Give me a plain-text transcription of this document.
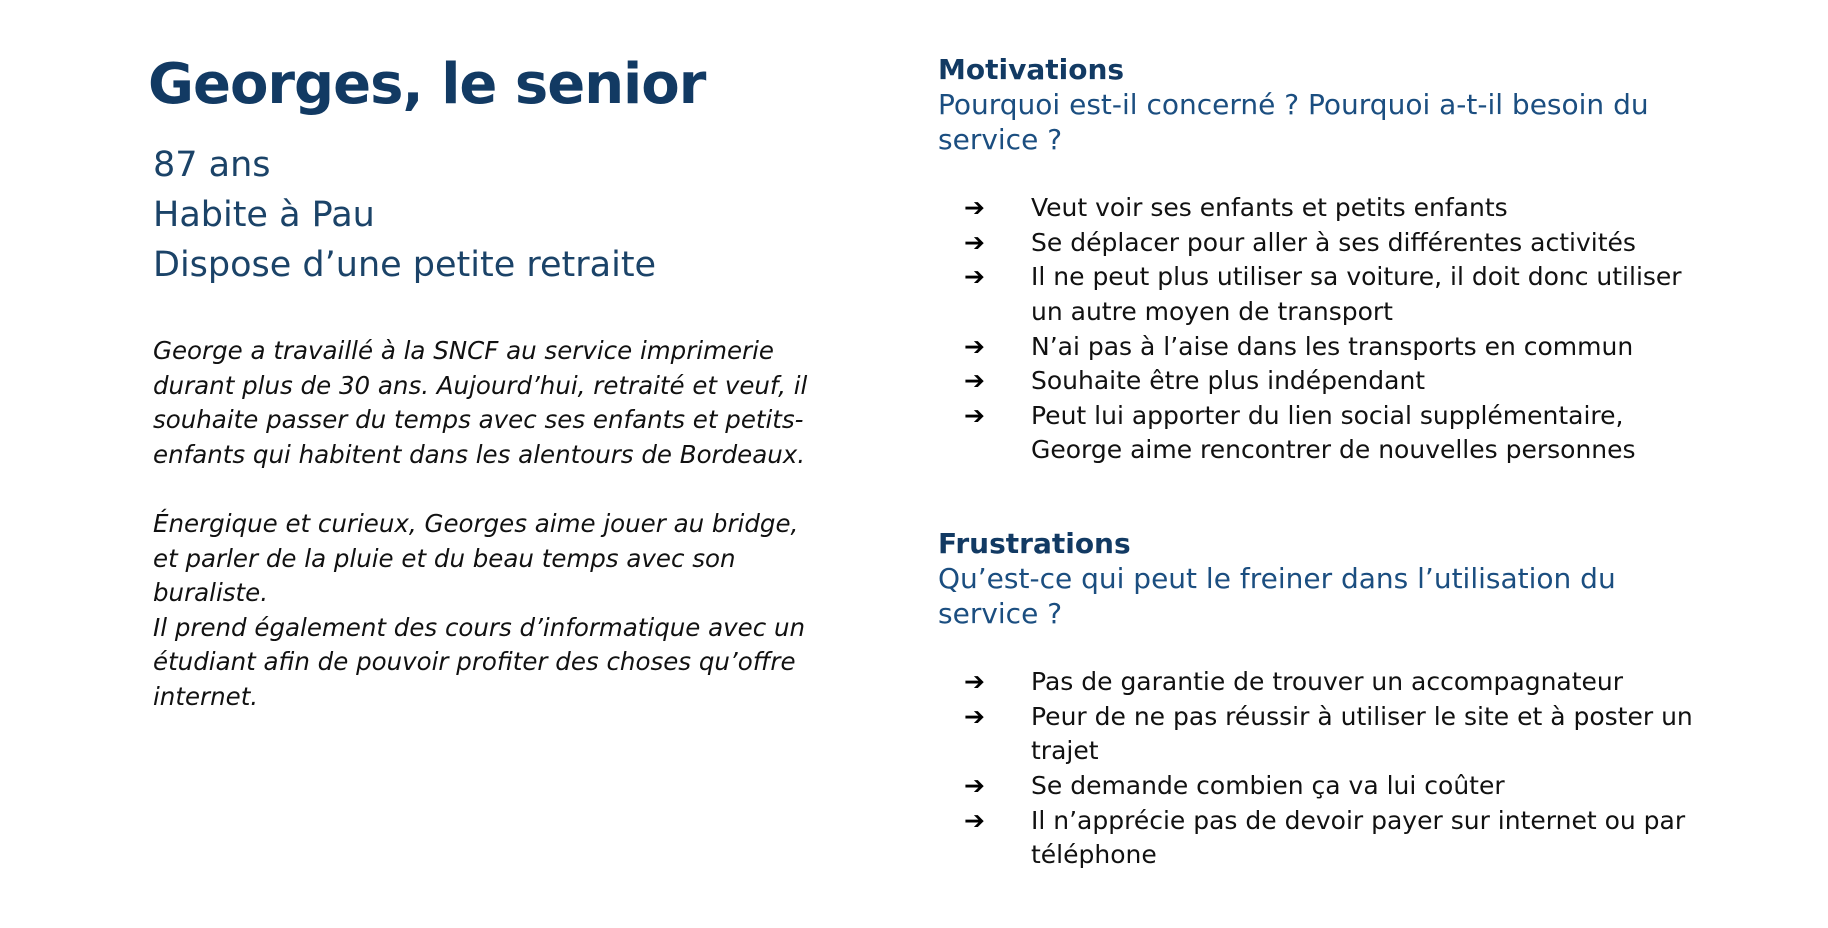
Georges, le senior

87 ans

Habite à Pau

Dispose d’une petite retraite

George a travaillé à la SNCF au service imprimerie durant plus de 30 ans. Aujourd’hui, retraité et veuf, il souhaite passer du temps avec ses enfants et petits-enfants qui habitent dans les alentours de Bordeaux.

Énergique et curieux, Georges aime jouer au bridge, et parler de la pluie et du beau temps avec son buraliste.

Il prend également des cours d’informatique avec un étudiant afin de pouvoir profiter des choses qu’offre internet.

Motivations

Pourquoi est-il concerné ? Pourquoi a-t-il besoin du service ?

➔ Veut voir ses enfants et petits enfants
➔ Se déplacer pour aller à ses différentes activités
➔ Il ne peut plus utiliser sa voiture, il doit donc utiliser un autre moyen de transport
➔ N’ai pas à l’aise dans les transports en commun
➔ Souhaite être plus indépendant
➔ Peut lui apporter du lien social supplémentaire, George aime rencontrer de nouvelles personnes
Frustrations

Qu’est-ce qui peut le freiner dans l’utilisation du service ?

➔ Pas de garantie de trouver un accompagnateur
➔ Peur de ne pas réussir à utiliser le site et à poster un trajet
➔ Se demande combien ça va lui coûter
➔ Il n’apprécie pas de devoir payer sur internet ou par téléphone
